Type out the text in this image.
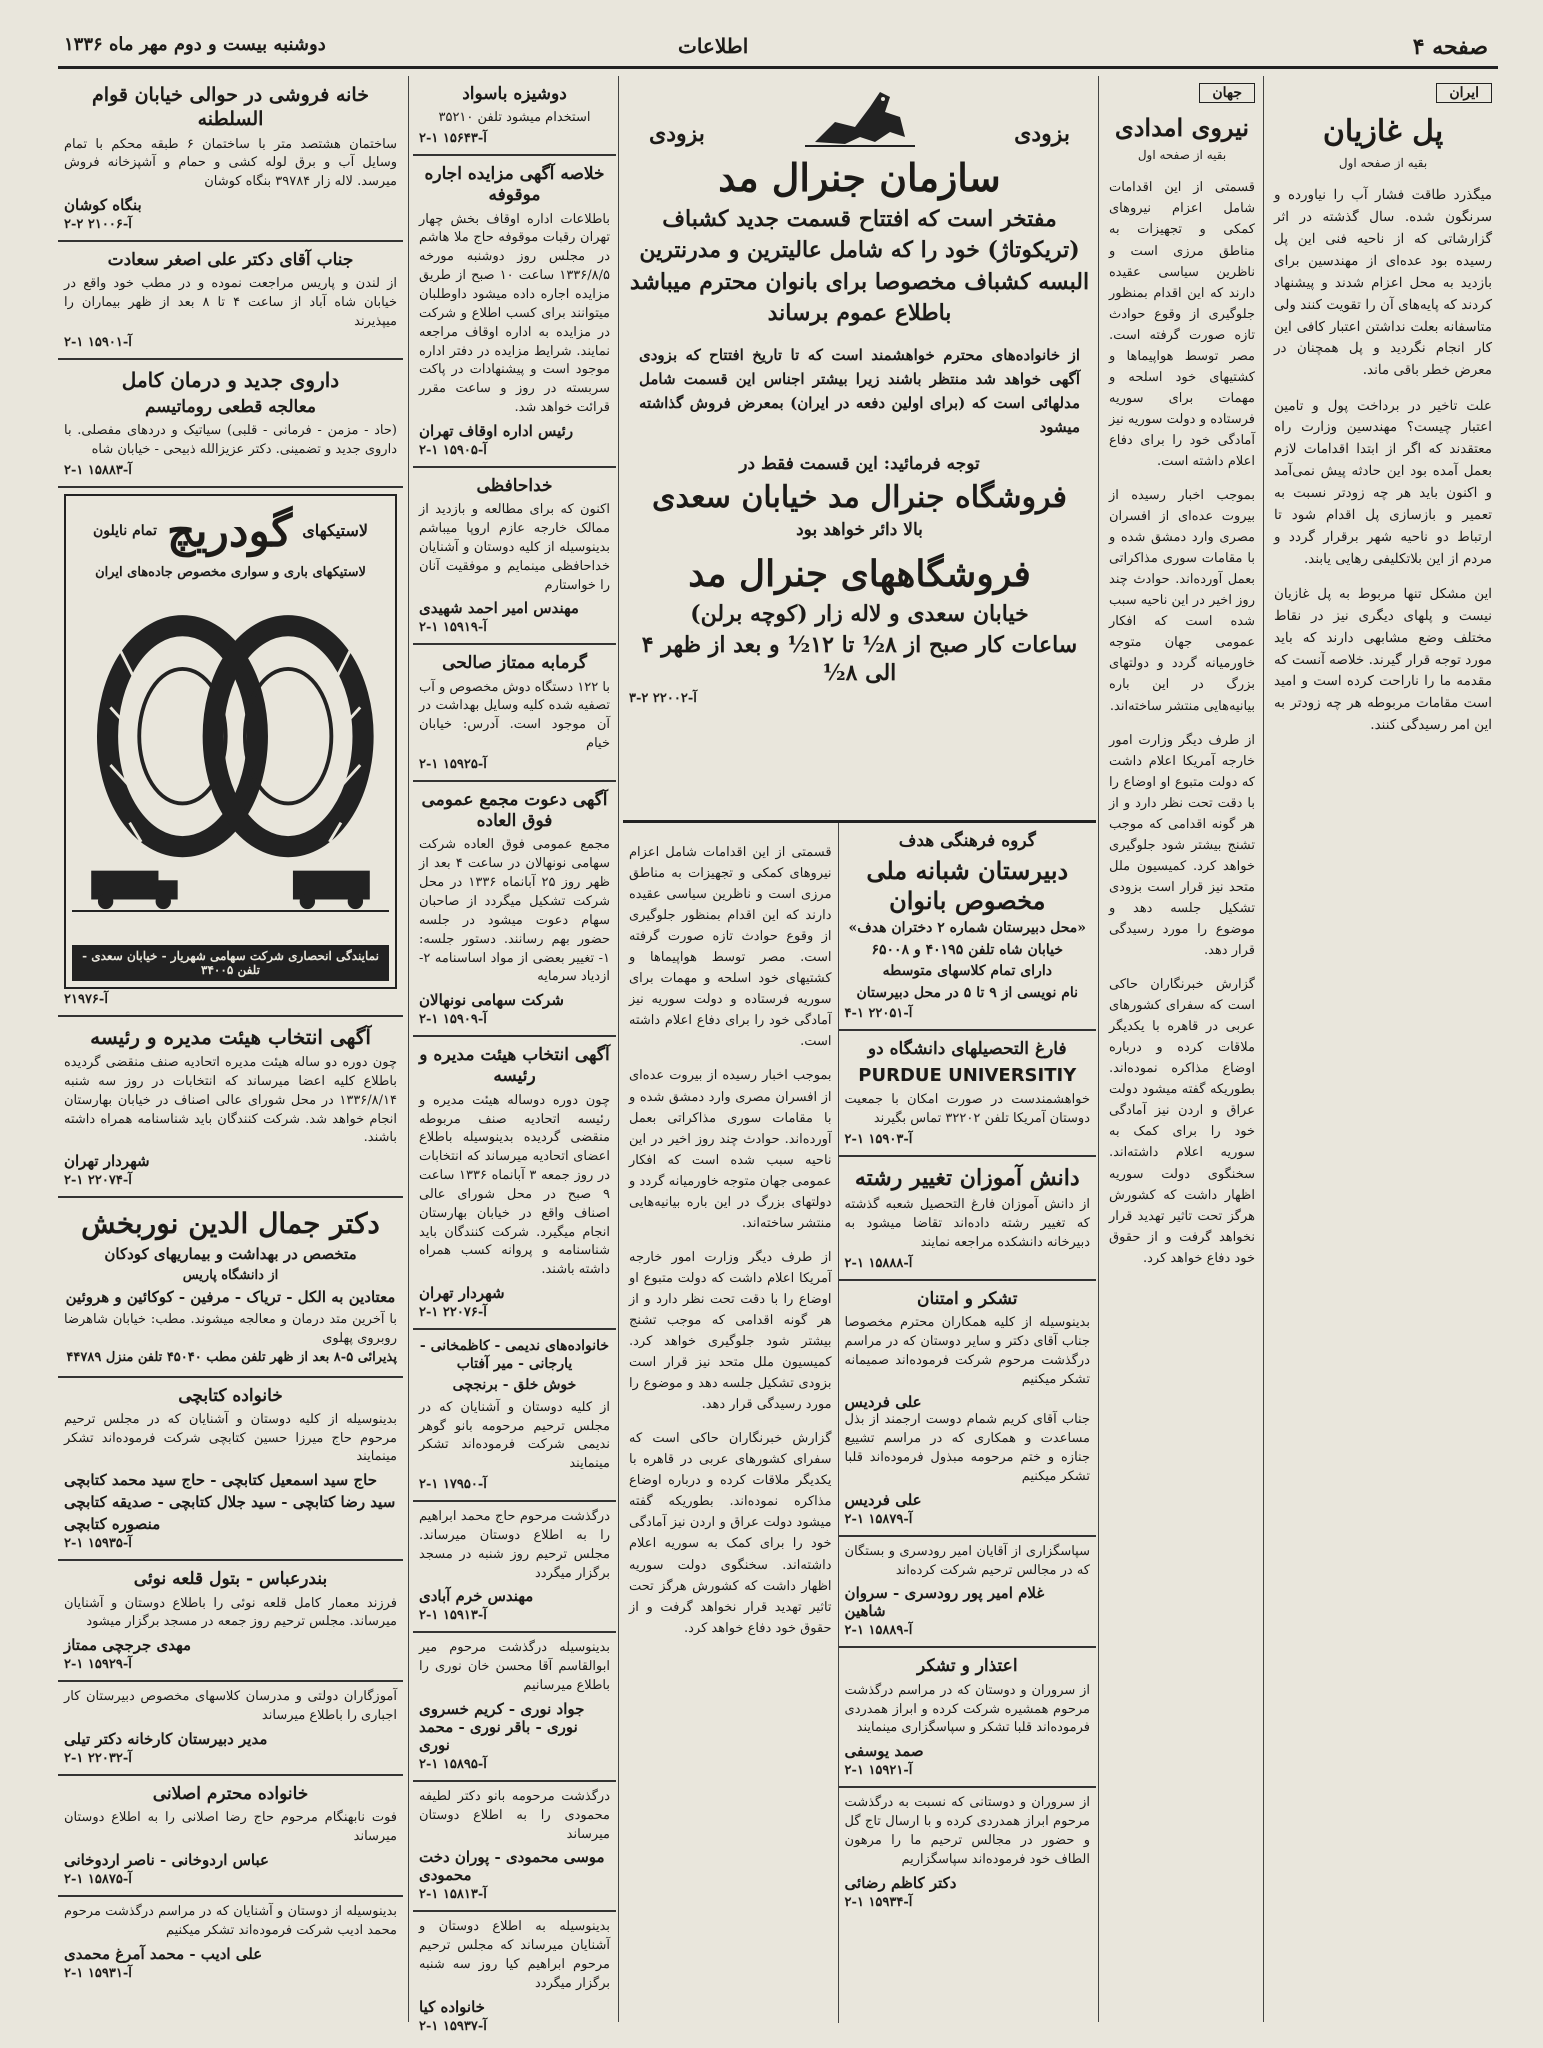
صفحه ۴
اطلاعات
دوشنبه بیست و دوم مهر ماه ۱۳۳۶
ایران
پل غازیان
بقیه از صفحه اول

میگذرد طاقت فشار آب را نیاورده و سرنگون شده. سال گذشته در اثر گزارشاتی که از ناحیه فنی این پل رسیده بود عده‌ای از مهندسین برای بازدید به محل اعزام شدند و پیشنهاد کردند که پایه‌های آن را تقویت کنند ولی متاسفانه بعلت نداشتن اعتبار کافی این کار انجام نگردید و پل همچنان در معرض خطر باقی ماند.

علت تاخیر در برداخت پول و تامین اعتبار چیست؟ مهندسین وزارت راه معتقدند که اگر از ابتدا اقدامات لازم بعمل آمده بود این حادثه پیش نمی‌آمد و اکنون باید هر چه زودتر نسبت به تعمیر و بازسازی پل اقدام شود تا ارتباط دو ناحیه شهر برقرار گردد و مردم از این بلاتکلیفی رهایی یابند.

این مشکل تنها مربوط به پل غازیان نیست و پلهای دیگری نیز در نقاط مختلف وضع مشابهی دارند که باید مورد توجه قرار گیرند. خلاصه آنست که مقدمه ما را ناراحت کرده است و امید است مقامات مربوطه هر چه زودتر به این امر رسیدگی کنند.

جهان
نیروی امدادی
بقیه از صفحه اول

قسمتی از این اقدامات شامل اعزام نیروهای کمکی و تجهیزات به مناطق مرزی است و ناظرین سیاسی عقیده دارند که این اقدام بمنظور جلوگیری از وقوع حوادث تازه صورت گرفته است. مصر توسط هواپیماها و کشتیهای خود اسلحه و مهمات برای سوریه فرستاده و دولت سوریه نیز آمادگی خود را برای دفاع اعلام داشته است.

بموجب اخبار رسیده از بیروت عده‌ای از افسران مصری وارد دمشق شده و با مقامات سوری مذاکراتی بعمل آورده‌اند. حوادث چند روز اخیر در این ناحیه سبب شده است که افکار عمومی جهان متوجه خاورمیانه گردد و دولتهای بزرگ در این باره بیانیه‌هایی منتشر ساخته‌اند.

از طرف دیگر وزارت امور خارجه آمریکا اعلام داشت که دولت متبوع او اوضاع را با دقت تحت نظر دارد و از هر گونه اقدامی که موجب تشنج بیشتر شود جلوگیری خواهد کرد. کمیسیون ملل متحد نیز قرار است بزودی تشکیل جلسه دهد و موضوع را مورد رسیدگی قرار دهد.

گزارش خبرنگاران حاکی است که سفرای کشورهای عربی در قاهره با یکدیگر ملاقات کرده و درباره اوضاع مذاکره نموده‌اند. بطوریکه گفته میشود دولت عراق و اردن نیز آمادگی خود را برای کمک به سوریه اعلام داشته‌اند. سخنگوی دولت سوریه اظهار داشت که کشورش هرگز تحت تاثیر تهدید قرار نخواهد گرفت و از حقوق خود دفاع خواهد کرد.

بزودی
بزودی
سازمان جنرال مد
مفتخر است که افتتاح قسمت جدید کشباف
(تریکوتاژ) خود را که شامل عالیترین و مدرنترین
البسه کشباف مخصوصا برای بانوان محترم میباشد
باطلاع عموم برساند

از خانواده‌های محترم خواهشمند است که تا تاریخ افتتاح که بزودی آگهی خواهد شد منتظر باشند زیرا بیشتر اجناس این قسمت شامل مدلهائی است که (برای اولین دفعه در ایران) بمعرض فروش گذاشته میشود

توجه فرمائید: این قسمت فقط در
فروشگاه جنرال مد خیابان سعدی
بالا دائر خواهد بود
فروشگاههای جنرال مد
خیابان سعدی و لاله زار (کوچه برلن)
ساعات کار صبح از ۸½ تا ۱۲½ و بعد از ظهر ۴ الی ۸½
آ-۲۲۰۰۲ ۲-۳
گروه فرهنگی هدف
دبیرستان شبانه ملی مخصوص بانوان
«محل دبیرستان شماره ۲ دختران هدف»
خیابان شاه تلفن ۴۰۱۹۵ و ۶۵۰۰۸
دارای تمام کلاسهای متوسطه
نام نویسی از ۹ تا ۵ در محل دبیرستان
آ-۲۲۰۵۱ ۱-۴
فارغ التحصیلهای دانشگاه دو
PURDUE UNIVERSITIY
خواهشمندست در صورت امکان با جمعیت دوستان آمریکا تلفن ۳۲۲۰۲ تماس بگیرند
آ-۱۵۹۰۳ ۱-۲
دانش آموزان تغییر رشته
از دانش آموزان فارغ التحصیل شعبه گذشته که تغییر رشته داده‌اند تقاضا میشود به دبیرخانه دانشکده مراجعه نمایند
آ-۱۵۸۸۸ ۱-۲
تشکر و امتنان
بدینوسیله از کلیه همکاران محترم مخصوصا جناب آقای دکتر و سایر دوستان که در مراسم درگذشت مرحوم شرکت فرموده‌اند صمیمانه تشکر میکنیم
علی فردیس
جناب آقای کریم شمام دوست ارجمند از بذل مساعدت و همکاری که در مراسم تشییع جنازه و ختم مرحومه مبذول فرموده‌اند قلبا تشکر میکنیم
علی فردیس
آ-۱۵۸۷۹ ۱-۲
سپاسگزاری از آقایان امیر رودسری و بستگان که در مجالس ترحیم شرکت کرده‌اند
غلام امیر پور رودسری - سروان شاهین
آ-۱۵۸۸۹ ۱-۲
اعتذار و تشکر
از سروران و دوستان که در مراسم درگذشت مرحوم همشیره شرکت کرده و ابراز همدردی فرموده‌اند قلبا تشکر و سپاسگزاری مینمایند
صمد یوسفی
آ-۱۵۹۲۱ ۱-۲
از سروران و دوستانی که نسبت به درگذشت مرحوم ابراز همدردی کرده و با ارسال تاج گل و حضور در مجالس ترحیم ما را مرهون الطاف خود فرموده‌اند سپاسگزاریم
دکتر کاظم رضائی
آ-۱۵۹۳۴ ۱-۲

قسمتی از این اقدامات شامل اعزام نیروهای کمکی و تجهیزات به مناطق مرزی است و ناظرین سیاسی عقیده دارند که این اقدام بمنظور جلوگیری از وقوع حوادث تازه صورت گرفته است. مصر توسط هواپیماها و کشتیهای خود اسلحه و مهمات برای سوریه فرستاده و دولت سوریه نیز آمادگی خود را برای دفاع اعلام داشته است.

بموجب اخبار رسیده از بیروت عده‌ای از افسران مصری وارد دمشق شده و با مقامات سوری مذاکراتی بعمل آورده‌اند. حوادث چند روز اخیر در این ناحیه سبب شده است که افکار عمومی جهان متوجه خاورمیانه گردد و دولتهای بزرگ در این باره بیانیه‌هایی منتشر ساخته‌اند.

از طرف دیگر وزارت امور خارجه آمریکا اعلام داشت که دولت متبوع او اوضاع را با دقت تحت نظر دارد و از هر گونه اقدامی که موجب تشنج بیشتر شود جلوگیری خواهد کرد. کمیسیون ملل متحد نیز قرار است بزودی تشکیل جلسه دهد و موضوع را مورد رسیدگی قرار دهد.

گزارش خبرنگاران حاکی است که سفرای کشورهای عربی در قاهره با یکدیگر ملاقات کرده و درباره اوضاع مذاکره نموده‌اند. بطوریکه گفته میشود دولت عراق و اردن نیز آمادگی خود را برای کمک به سوریه اعلام داشته‌اند. سخنگوی دولت سوریه اظهار داشت که کشورش هرگز تحت تاثیر تهدید قرار نخواهد گرفت و از حقوق خود دفاع خواهد کرد.

دوشیزه باسواد
استخدام میشود تلفن ۳۵۲۱۰
آ-۱۵۶۴۳ ۱-۲
خلاصه آگهی مزایده اجاره موقوفه
باطلاعات اداره اوقاف بخش چهار تهران رقبات موقوفه حاج ملا هاشم در مجلس روز دوشنبه مورخه ۱۳۳۶/۸/۵ ساعت ۱۰ صبح از طریق مزایده اجاره داده میشود داوطلبان میتوانند برای کسب اطلاع و شرکت در مزایده به اداره اوقاف مراجعه نمایند. شرایط مزایده در دفتر اداره موجود است و پیشنهادات در پاکت سربسته در روز و ساعت مقرر قرائت خواهد شد.
رئیس اداره اوقاف تهران
آ-۱۵۹۰۵ ۱-۲
خداحافظی
اکنون که برای مطالعه و بازدید از ممالک خارجه عازم اروپا میباشم بدینوسیله از کلیه دوستان و آشنایان خداحافظی مینمایم و موفقیت آنان را خواستارم
مهندس امیر احمد شهیدی
آ-۱۵۹۱۹ ۱-۲
گرمابه ممتاز صالحی
با ۱۲۲ دستگاه دوش مخصوص و آب تصفیه شده کلیه وسایل بهداشت در آن موجود است. آدرس: خیابان خیام
آ-۱۵۹۲۵ ۱-۲
آگهی دعوت مجمع عمومی فوق العاده
مجمع عمومی فوق العاده شرکت سهامی نونهالان در ساعت ۴ بعد از ظهر روز ۲۵ آبانماه ۱۳۳۶ در محل شرکت تشکیل میگردد از صاحبان سهام دعوت میشود در جلسه حضور بهم رسانند. دستور جلسه: ۱- تغییر بعضی از مواد اساسنامه ۲- ازدیاد سرمایه
شرکت سهامی نونهالان
آ-۱۵۹۰۹ ۱-۲
آگهی انتخاب هیئت مدیره و رئیسه
چون دوره دوساله هیئت مدیره و رئیسه اتحادیه صنف مربوطه منقضی گردیده بدینوسیله باطلاع اعضای اتحادیه میرساند که انتخابات در روز جمعه ۳ آبانماه ۱۳۳۶ ساعت ۹ صبح در محل شورای عالی اصناف واقع در خیابان بهارستان انجام میگیرد. شرکت کنندگان باید شناسنامه و پروانه کسب همراه داشته باشند.
شهردار تهران
آ-۲۲۰۷۶ ۱-۲
خانواده‌های ندیمی - کاظمخانی - یارجانی - میر آفتاب
خوش خلق - برنجچی
از کلیه دوستان و آشنایان که در مجلس ترحیم مرحومه بانو گوهر ندیمی شرکت فرموده‌اند تشکر مینمایند
آ-۱۷۹۵۰ ۱-۲
درگذشت مرحوم حاج محمد ابراهیم را به اطلاع دوستان میرساند. مجلس ترحیم روز شنبه در مسجد برگزار میگردد
مهندس خرم آبادی
آ-۱۵۹۱۳ ۱-۲
بدینوسیله درگذشت مرحوم میر ابوالقاسم آقا محسن خان نوری را باطلاع میرسانیم
جواد نوری - کریم خسروی نوری - باقر نوری - محمد نوری
آ-۱۵۸۹۵ ۱-۲
درگذشت مرحومه بانو دکتر لطیفه محمودی را به اطلاع دوستان میرساند
موسی محمودی - پوران دخت محمودی
آ-۱۵۸۱۳ ۱-۲
بدینوسیله به اطلاع دوستان و آشنایان میرساند که مجلس ترحیم مرحوم ابراهیم کیا روز سه شنبه برگزار میگردد
خانواده کیا
آ-۱۵۹۳۷ ۱-۲
خانه فروشی در حوالی خیابان قوام السلطنه
ساختمان هشتصد متر با ساختمان ۶ طبقه محکم با تمام وسایل آب و برق لوله کشی و حمام و آشپزخانه فروش میرسد. لاله زار ۳۹۷۸۴ بنگاه کوشان
بنگاه کوشان
آ-۲۱۰۰۶ ۲-۲
جناب آقای دکتر علی اصغر سعادت
از لندن و پاریس مراجعت نموده و در مطب خود واقع در خیابان شاه آباد از ساعت ۴ تا ۸ بعد از ظهر بیماران را میپذیرند
آ-۱۵۹۰۱ ۱-۲
داروی جدید و درمان کامل
معالجه قطعی روماتیسم
(حاد - مزمن - فرمانی - قلبی) سیاتیک و دردهای مفصلی. با داروی جدید و تضمینی. دکتر عزیزالله ذبیحی - خیابان شاه
آ-۱۵۸۸۳ ۱-۲
لاستیکهای
گودریچ
تمام نایلون
لاستیکهای باری و سواری مخصوص جاده‌های ایران
نمایندگی انحصاری شرکت سهامی شهریار - خیابان سعدی - تلفن ۳۴۰۰۵
آ-۲۱۹۷۶
آگهی انتخاب هیئت مدیره و رئیسه
چون دوره دو ساله هیئت مدیره اتحادیه صنف منقضی گردیده باطلاع کلیه اعضا میرساند که انتخابات در روز سه شنبه ۱۳۳۶/۸/۱۴ در محل شورای عالی اصناف در خیابان بهارستان انجام خواهد شد. شرکت کنندگان باید شناسنامه همراه داشته باشند.
شهردار تهران
آ-۲۲۰۷۴ ۱-۲
دکتر جمال الدین نوربخش
متخصص در بهداشت و بیماریهای کودکان
از دانشگاه پاریس
معتادین به الکل - تریاک - مرفین - کوکائین و هروئین
با آخرین متد درمان و معالجه میشوند. مطب: خیابان شاهرضا روبروی پهلوی
پذیرائی ۵-۸ بعد از ظهر تلفن مطب ۴۵۰۴۰ تلفن منزل ۴۴۷۸۹
خانواده کتابچی
بدینوسیله از کلیه دوستان و آشنایان که در مجلس ترحیم مرحوم حاج میرزا حسین کتابچی شرکت فرموده‌اند تشکر مینمایند
حاج سید اسمعیل کتابچی - حاج سید محمد کتابچی
سید رضا کتابچی - سید جلال کتابچی - صدیقه کتابچی
منصوره کتابچی
آ-۱۵۹۳۵ ۱-۲
بندرعباس - بتول قلعه نوئی
فرزند معمار کامل قلعه نوئی را باطلاع دوستان و آشنایان میرساند. مجلس ترحیم روز جمعه در مسجد برگزار میشود
مهدی جرجچی ممتاز
آ-۱۵۹۲۹ ۱-۲
آموزگاران دولتی و مدرسان کلاسهای مخصوص دبیرستان کار اجباری را باطلاع میرساند
مدیر دبیرستان کارخانه دکتر تیلی
آ-۲۲۰۳۲ ۱-۲
خانواده محترم اصلانی
فوت نابهنگام مرحوم حاج رضا اصلانی را به اطلاع دوستان میرساند
عباس اردوخانی - ناصر اردوخانی
آ-۱۵۸۷۵ ۱-۲
بدینوسیله از دوستان و آشنایان که در مراسم درگذشت مرحوم محمد ادیب شرکت فرموده‌اند تشکر میکنیم
علی ادیب - محمد آمرغ محمدی
آ-۱۵۹۳۱ ۱-۲
